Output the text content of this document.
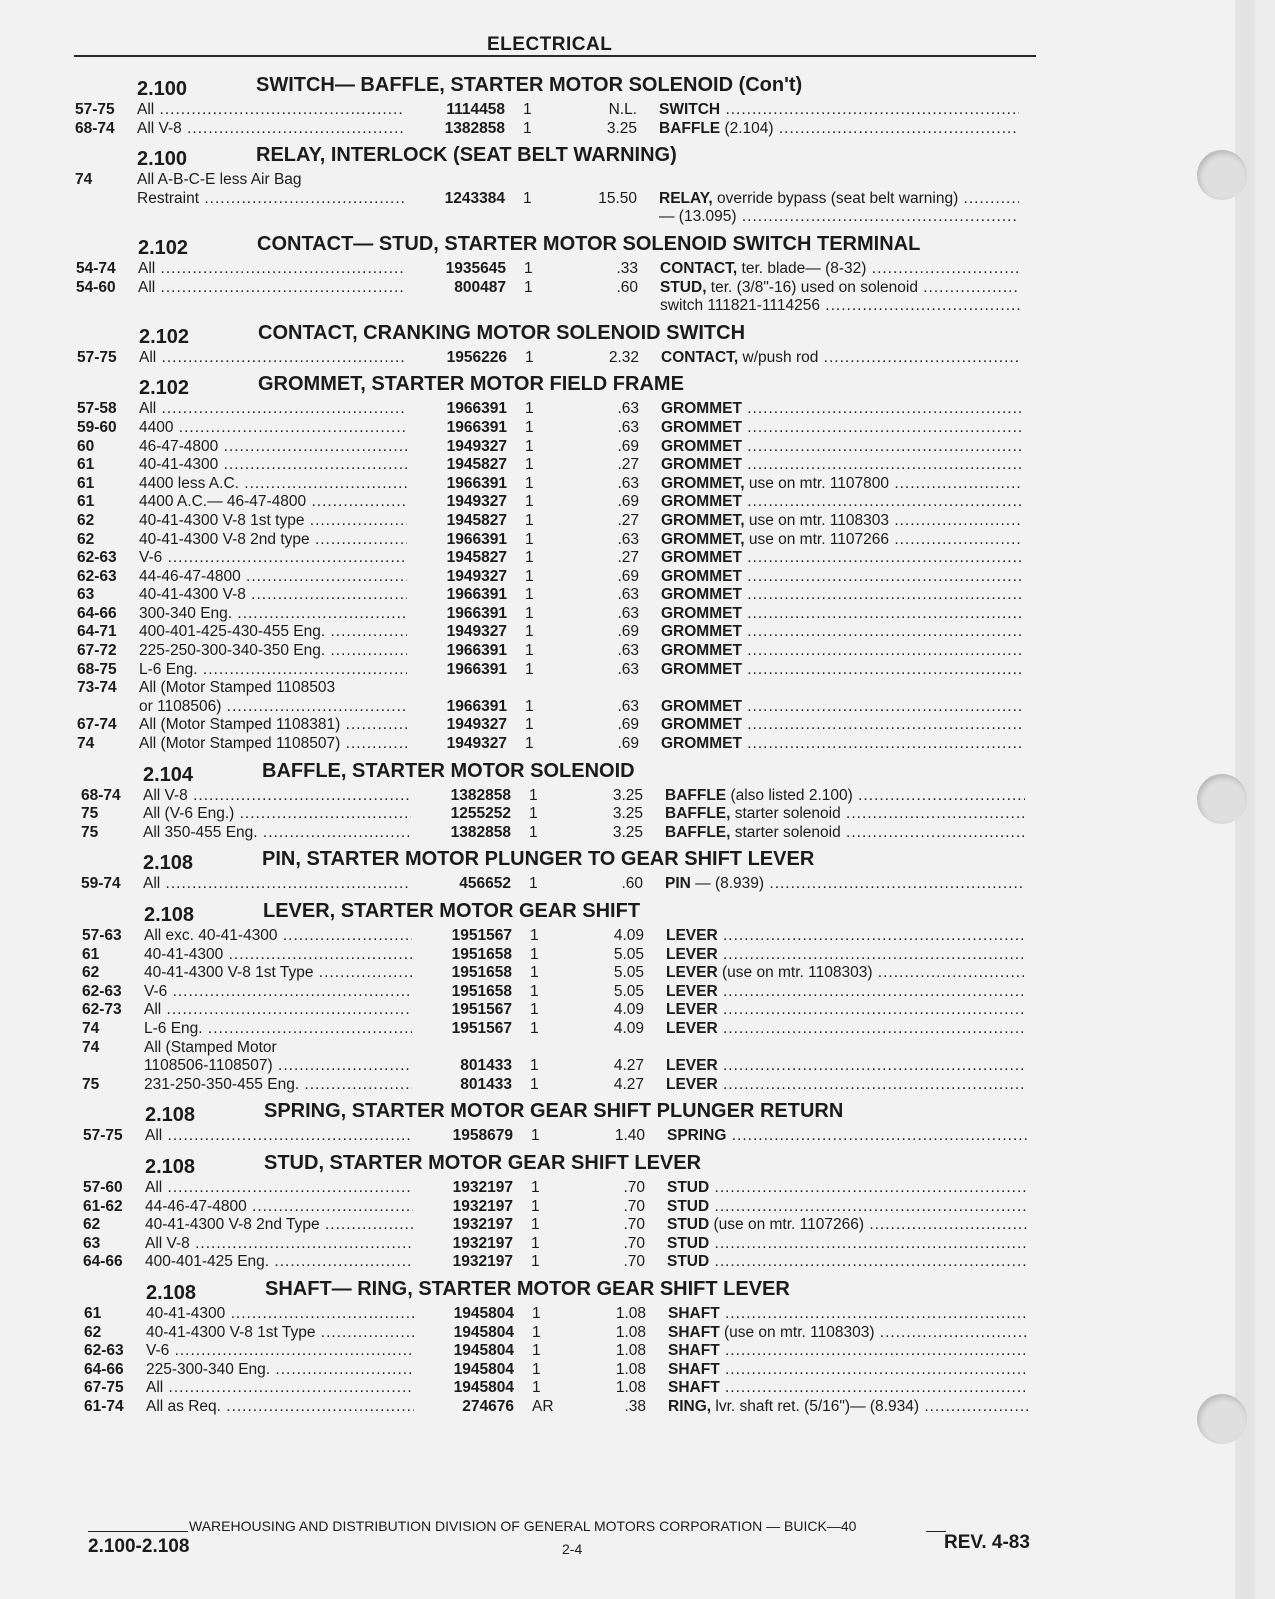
ELECTRICAL
2.100	SWITCH— BAFFLE, STARTER MOTOR SOLENOID (Con't)
57-75 All .....	1114458 1	N.L. SWITCH .....
68-74 All V-8 .....	1382858 1	3.25 BAFFLE (2.104) .....
2.100	RELAY, INTERLOCK (SEAT BELT WARNING)
74	All A-B-C-E less Air Bag
Restraint .....	1243384 1	15.50 RELAY, override bypass (seat belt warning) .....
— (13.095) .....
2.102	CONTACT— STUD, STARTER MOTOR SOLENOID SWITCH TERMINAL
54-74 All .....	1935645 1	.33 CONTACT, ter. blade— (8-32) .....
54-60 All .....	800487 1	.60 STUD, ter. (3/8"-16) used on solenoid .....
switch 111821-1114256 .....
2.102	CONTACT, CRANKING MOTOR SOLENOID SWITCH
57-75 All .....	1956226 1	2.32 CONTACT, w/push rod .....
2.102	GROMMET, STARTER MOTOR FIELD FRAME
57-58 All .....	1966391 1	.63 GROMMET .....
59-60 4400 .....	1966391 1	.63 GROMMET .....
60	46-47-4800 .....	1949327 1	.69 GROMMET .....
61	40-41-4300 .....	1945827 1	.27 GROMMET .....
61	4400 less A.C. .....	1966391 1	.63 GROMMET, use on mtr. 1107800 .....
61	4400 A.C.— 46-47-4800 .....	1949327 1	.69 GROMMET .....
62	40-41-4300 V-8 1st type .....	1945827 1	.27 GROMMET, use on mtr. 1108303 .....
62	40-41-4300 V-8 2nd type .....	1966391 1	.63 GROMMET, use on mtr. 1107266 .....
62-63 V-6 .....	1945827 1	.27 GROMMET .....
62-63 44-46-47-4800 .....	1949327 1	.69 GROMMET .....
63	40-41-4300 V-8 .....	1966391 1	.63 GROMMET .....
64-66 300-340 Eng. .....	1966391 1	.63 GROMMET .....
64-71 400-401-425-430-455 Eng. .....	1949327 1	.69 GROMMET .....
67-72 225-250-300-340-350 Eng. .....	1966391 1	.63 GROMMET .....
68-75 L-6 Eng. .....	1966391 1	.63 GROMMET .....
73-74 All (Motor Stamped 1108503
or 1108506) .....	1966391 1	.63 GROMMET .....
67-74 All (Motor Stamped 1108381) .....	1949327 1	.69 GROMMET .....
74	All (Motor Stamped 1108507) .....	1949327 1	.69 GROMMET .....
2.104	BAFFLE, STARTER MOTOR SOLENOID
68-74 All V-8 .....	1382858 1	3.25 BAFFLE (also listed 2.100) .....
75	All (V-6 Eng.) .....	1255252 1	3.25 BAFFLE, starter solenoid .....
75	All 350-455 Eng. .....	1382858 1	3.25 BAFFLE, starter solenoid .....
2.108	PIN, STARTER MOTOR PLUNGER TO GEAR SHIFT LEVER
59-74 All .....	456652 1	.60 PIN — (8.939) .....
2.108	LEVER, STARTER MOTOR GEAR SHIFT
57-63 All exc. 40-41-4300 .....	1951567 1	4.09 LEVER .....
61	40-41-4300 .....	1951658 1	5.05 LEVER .....
62	40-41-4300 V-8 1st Type .....	1951658 1	5.05 LEVER (use on mtr. 1108303) .....
62-63 V-6 .....	1951658 1	5.05 LEVER .....
62-73 All .....	1951567 1	4.09 LEVER .....
74	L-6 Eng. .....	1951567 1	4.09 LEVER .....
74	All (Stamped Motor
1108506-1108507) .....	801433 1	4.27 LEVER .....
75	231-250-350-455 Eng. .....	801433 1	4.27 LEVER .....
2.108	SPRING, STARTER MOTOR GEAR SHIFT PLUNGER RETURN
57-75 All .....	1958679 1	1.40 SPRING .....
2.108	STUD, STARTER MOTOR GEAR SHIFT LEVER
57-60 All .....	1932197 1	.70 STUD .....
61-62 44-46-47-4800 .....	1932197 1	.70 STUD .....
62	40-41-4300 V-8 2nd Type .....	1932197 1	.70 STUD (use on mtr. 1107266) .....
63	All V-8 .....	1932197 1	.70 STUD .....
64-66 400-401-425 Eng. .....	1932197 1	.70 STUD .....
2.108	SHAFT— RING, STARTER MOTOR GEAR SHIFT LEVER
61	40-41-4300 .....	1945804 1	1.08 SHAFT .....
62	40-41-4300 V-8 1st Type .....	1945804 1	1.08 SHAFT (use on mtr. 1108303) .....
62-63 V-6 .....	1945804 1	1.08 SHAFT .....
64-66 225-300-340 Eng. .....	1945804 1	1.08 SHAFT .....
67-75 All .....	1945804 1	1.08 SHAFT .....
61-74 All as Req. .....	274676 AR	.38 RING, lvr. shaft ret. (5/16")— (8.934) .....
WAREHOUSING AND DISTRIBUTION DIVISION OF GENERAL MOTORS CORPORATION — BUICK—40
2.100-2.108	2-4	REV. 4-83
